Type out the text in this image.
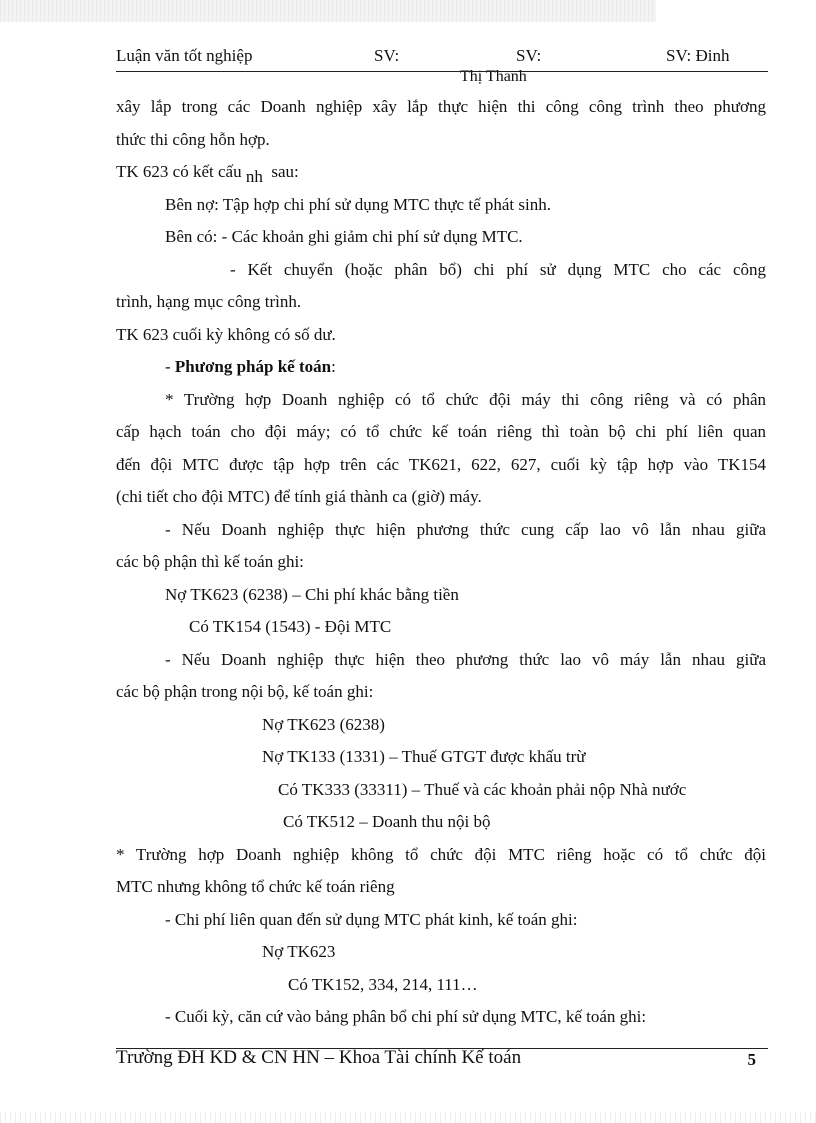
Luận văn tốt nghiệp	SV:	SV:	SV: Đinh
Thị Thanh

xây lắp trong các Doanh nghiệp xây lắp thực hiện thi công công trình theo phương

thức thi công hỗn hợp.

TK 623 có kết cấu nh sau:

Bên nợ: Tập hợp chi phí sử dụng MTC thực tế phát sinh.

Bên có: - Các khoản ghi giảm chi phí sử dụng MTC.

- Kết chuyển (hoặc phân bổ) chi phí sử dụng MTC cho các công

trình, hạng mục công trình.

TK 623 cuối kỳ không có số dư.

- Phương pháp kế toán:

* Trường hợp Doanh nghiệp có tổ chức đội máy thi công riêng và có phân

cấp hạch toán cho đội máy; có tổ chức kế toán riêng thì toàn bộ chi phí liên quan

đến đội MTC được tập hợp trên các TK621, 622, 627, cuối kỳ tập hợp vào TK154

(chi tiết cho đội MTC) để tính giá thành ca (giờ) máy.

- Nếu Doanh nghiệp thực hiện phương thức cung cấp lao vô lẫn nhau giữa

các bộ phận thì kế toán ghi:

Nợ TK623 (6238) – Chi phí khác bằng tiền

Có TK154 (1543) - Đội MTC

- Nếu Doanh nghiệp thực hiện theo phương thức lao vô máy lẫn nhau giữa

các bộ phận trong nội bộ, kế toán ghi:

Nợ TK623 (6238)

Nợ TK133 (1331) – Thuế GTGT được khấu trừ

Có TK333 (33311) – Thuế và các khoản phải nộp Nhà nước

Có TK512 – Doanh thu nội bộ

* Trường hợp Doanh nghiệp không tổ chức đội MTC riêng hoặc có tổ chức đội

MTC nhưng không tổ chức kế toán riêng

- Chi phí liên quan đến sử dụng MTC phát kinh, kế toán ghi:

Nợ TK623

Có TK152, 334, 214, 111…

- Cuối kỳ, căn cứ vào bảng phân bổ chi phí sử dụng MTC, kế toán ghi:

Trường ĐH KD & CN HN – Khoa Tài chính Kế toán	5
